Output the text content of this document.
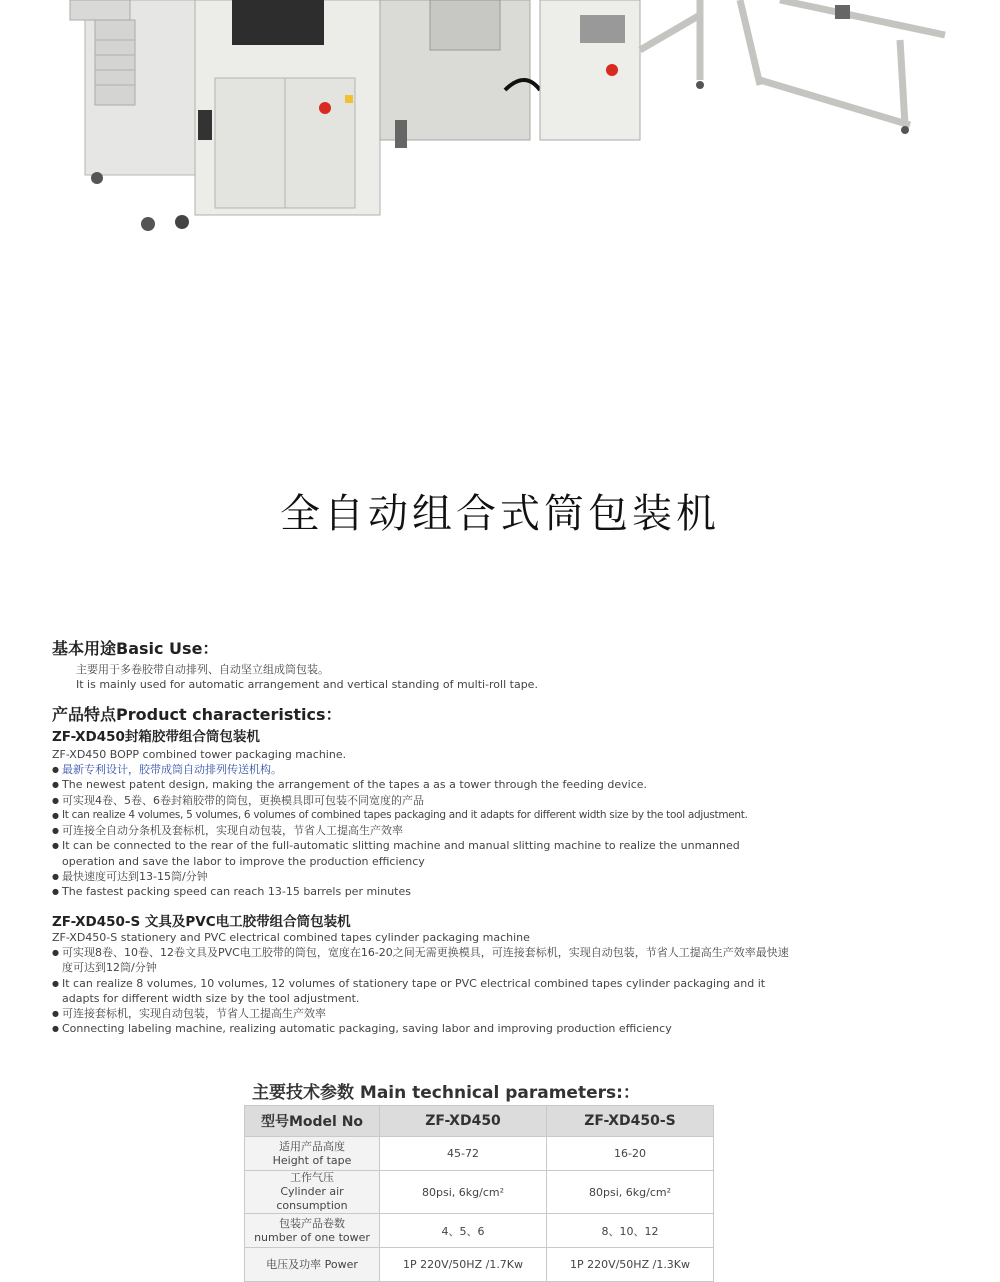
全自动组合式筒包装机
基本用途Basic Use：
主要用于多卷胶带自动排列、自动坚立组成筒包装。
It is mainly used for automatic arrangement and vertical standing of multi-roll tape.
产品特点Product characteristics：
ZF-XD450封箱胶带组合筒包装机
ZF-XD450 BOPP combined tower packaging machine.
● 最新专利设计，胶带成筒自动排列传送机构。
● The newest patent design, making the arrangement of the tapes a as a tower through the feeding device.
● 可实现4卷、5卷、6卷封箱胶带的筒包，更换模具即可包装不同宽度的产品
● It can realize 4 volumes, 5 volumes, 6 volumes of combined tapes packaging and it adapts for different width size by the tool adjustment.
● 可连接全自动分条机及套标机，实现自动包装，节省人工提高生产效率
● It can be connected to the rear of the full-automatic slitting machine and manual slitting machine to realize the unmanned operation and save the labor to improve the production efficiency
● 最快速度可达到13-15筒/分钟
● The fastest packing speed can reach 13-15 barrels per minutes
ZF-XD450-S 文具及PVC电工胶带组合筒包装机
ZF-XD450-S stationery and PVC electrical combined tapes cylinder packaging machine
● 可实现8卷、10卷、12卷文具及PVC电工胶带的筒包，宽度在16-20之间无需更换模具，可连接套标机，实现自动包装，节省人工提高生产效率最快速度可达到12筒/分钟
● It can realize 8 volumes, 10 volumes, 12 volumes of stationery tape or PVC electrical combined tapes cylinder packaging and it adapts for different width size by the tool adjustment.
● 可连接套标机，实现自动包装，节省人工提高生产效率
● Connecting labeling machine, realizing automatic packaging, saving labor and improving production efficiency
主要技术参数 Main technical parameters:：
型号Model No	ZF-XD450	ZF-XD450-S
适用产品高度
Height of tape	45-72	16-20
工作气压
Cylinder air consumption	80psi, 6kg/cm²	80psi, 6kg/cm²
包装产品卷数
number of one tower	4、5、6	8、10、12
电压及功率 Power	1P 220V/50HZ /1.7Kw	1P 220V/50HZ /1.3Kw
